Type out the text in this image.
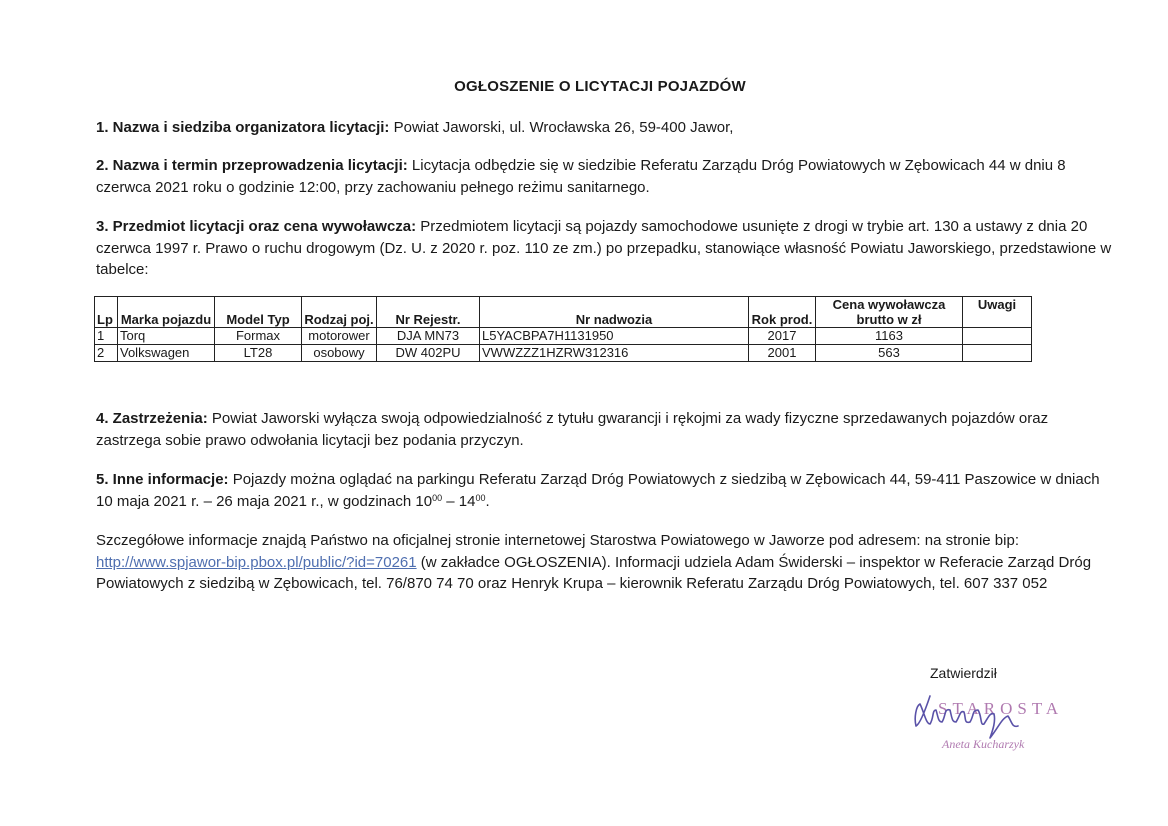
OGŁOSZENIE O LICYTACJI POJAZDÓW
1. Nazwa i siedziba organizatora licytacji: Powiat Jaworski, ul. Wrocławska 26, 59-400 Jawor,
2. Nazwa i termin przeprowadzenia licytacji: Licytacja odbędzie się w siedzibie Referatu Zarządu Dróg Powiatowych w Zębowicach 44 w dniu 8 czerwca 2021 roku o godzinie 12:00, przy zachowaniu pełnego reżimu sanitarnego.
3. Przedmiot licytacji oraz cena wywoławcza: Przedmiotem licytacji są pojazdy samochodowe usunięte z drogi w trybie art. 130 a ustawy z dnia 20 czerwca 1997 r. Prawo o ruchu drogowym (Dz. U. z 2020 r. poz. 110 ze zm.) po przepadku, stanowiące własność Powiatu Jaworskiego, przedstawione w tabelce:
Lp	Marka pojazdu	Model Typ	Rodzaj poj.	Nr Rejestr.	Nr nadwozia	Rok prod.	Cena wywoławcza brutto w zł	Uwagi
1	Torq	Formax	motorower	DJA MN73	L5YACBPA7H1131950	2017	1163	
2	Volkswagen	LT28	osobowy	DW 402PU	VWWZZZ1HZRW312316	2001	563	
4. Zastrzeżenia: Powiat Jaworski wyłącza swoją odpowiedzialność z tytułu gwarancji i rękojmi za wady fizyczne sprzedawanych pojazdów oraz zastrzega sobie prawo odwołania licytacji bez podania przyczyn.
5. Inne informacje: Pojazdy można oglądać na parkingu Referatu Zarząd Dróg Powiatowych z siedzibą w Zębowicach 44, 59-411 Paszowice w dniach 10 maja 2021 r. – 26 maja 2021 r., w godzinach $10^{00} - 14^{00}$.
Szczegółowe informacje znajdą Państwo na oficjalnej stronie internetowej Starostwa Powiatowego w Jaworze pod adresem: na stronie bip: http://www.spjawor-bip.pbox.pl/public/?id=70261 (w zakładce OGŁOSZENIA). Informacji udziela Adam Świderski – inspektor w Referacie Zarząd Dróg Powiatowych z siedzibą w Zębowicach, tel. 76/870 74 70 oraz Henryk Krupa – kierownik Referatu Zarządu Dróg Powiatowych, tel. 607 337 052
Zatwierdził
STAROSTA
Aneta Kucharzyk
